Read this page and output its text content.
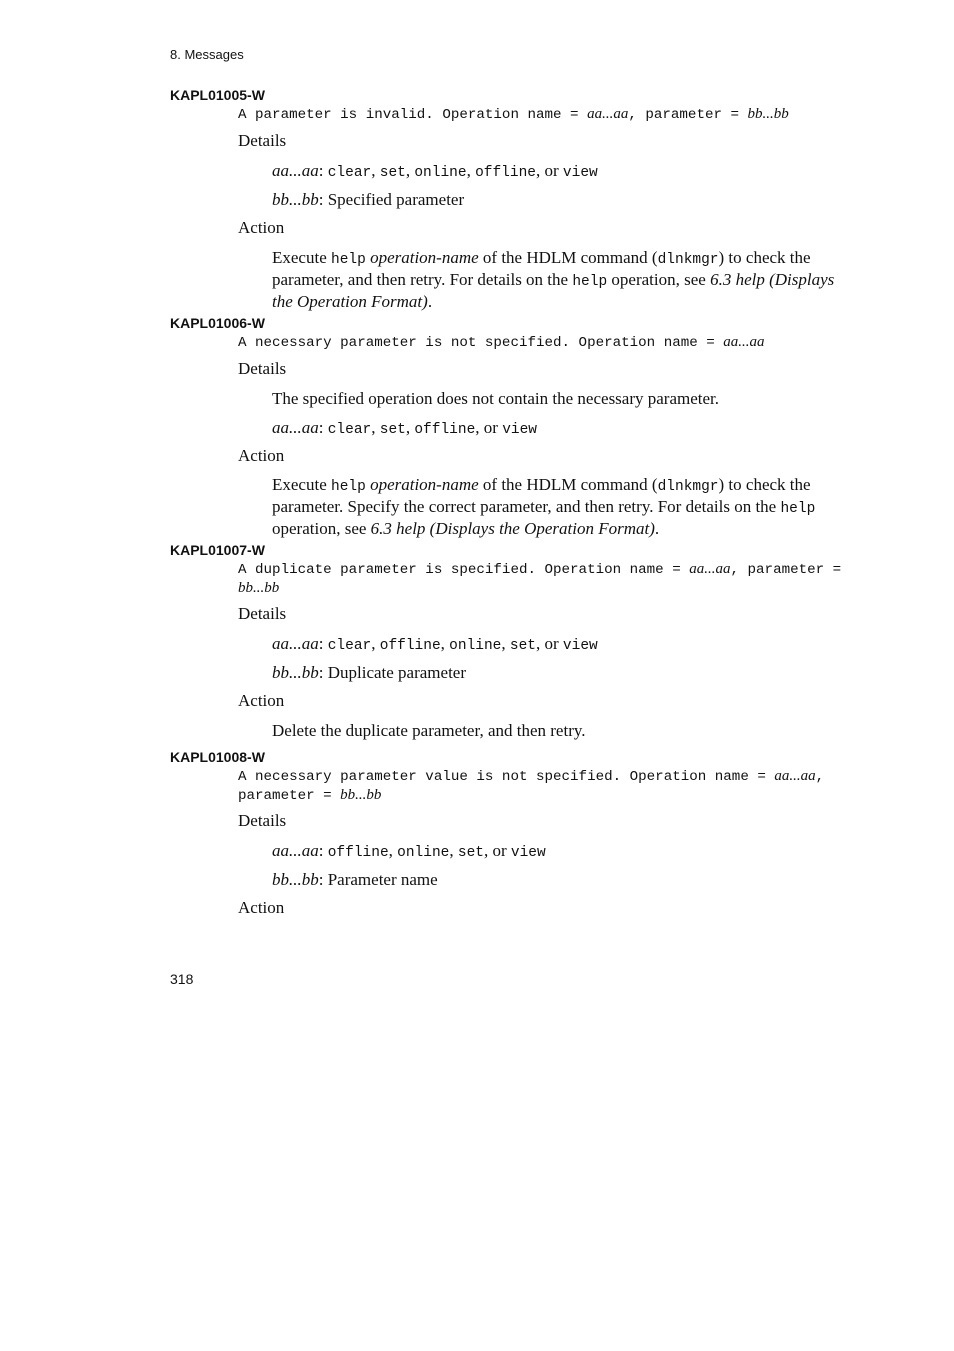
8. Messages
KAPL01005-W
A parameter is invalid. Operation name = aa...aa, parameter = bb...bb
Details
aa...aa: clear, set, online, offline, or view
bb...bb: Specified parameter
Action
Execute help operation-name of the HDLM command (dlnkmgr) to check the parameter, and then retry. For details on the help operation, see 6.3 help (Displays the Operation Format).
KAPL01006-W
A necessary parameter is not specified. Operation name = aa...aa
Details
The specified operation does not contain the necessary parameter.
aa...aa: clear, set, offline, or view
Action
Execute help operation-name of the HDLM command (dlnkmgr) to check the parameter. Specify the correct parameter, and then retry. For details on the help operation, see 6.3 help (Displays the Operation Format).
KAPL01007-W
A duplicate parameter is specified. Operation name = aa...aa, parameter = bb...bb
Details
aa...aa: clear, offline, online, set, or view
bb...bb: Duplicate parameter
Action
Delete the duplicate parameter, and then retry.
KAPL01008-W
A necessary parameter value is not specified. Operation name = aa...aa, parameter = bb...bb
Details
aa...aa: offline, online, set, or view
bb...bb: Parameter name
Action
318
